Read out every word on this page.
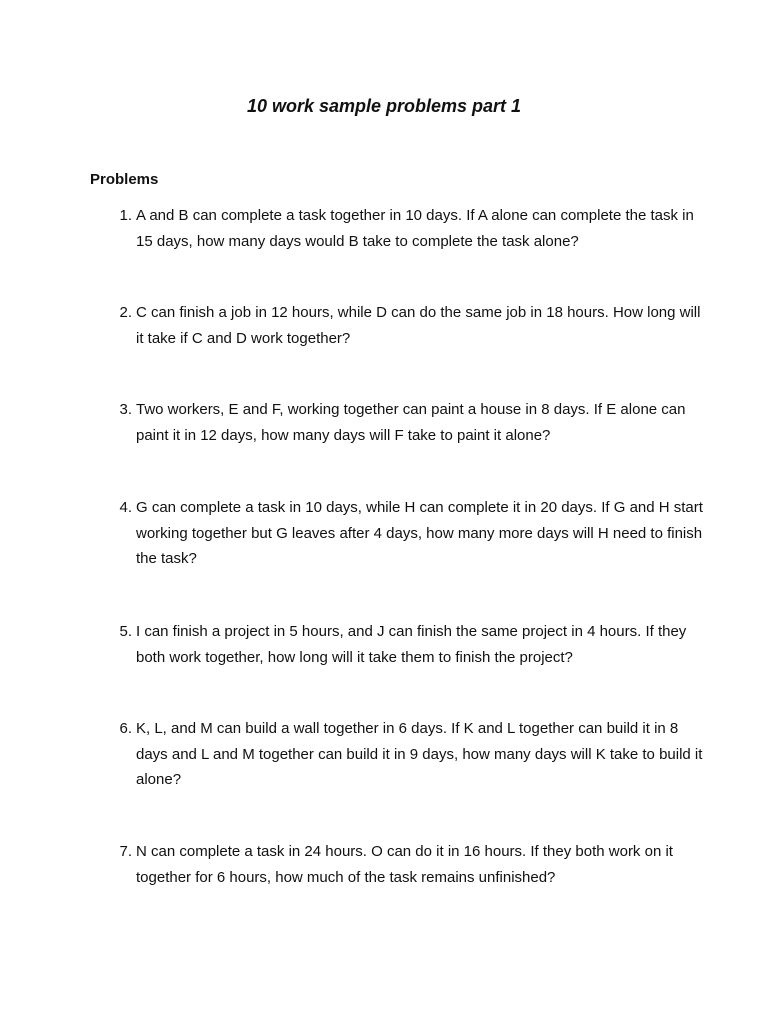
10 work sample problems part 1
Problems
1. A and B can complete a task together in 10 days. If A alone can complete the task in 15 days, how many days would B take to complete the task alone?
2. C can finish a job in 12 hours, while D can do the same job in 18 hours. How long will it take if C and D work together?
3. Two workers, E and F, working together can paint a house in 8 days. If E alone can paint it in 12 days, how many days will F take to paint it alone?
4. G can complete a task in 10 days, while H can complete it in 20 days. If G and H start working together but G leaves after 4 days, how many more days will H need to finish the task?
5. I can finish a project in 5 hours, and J can finish the same project in 4 hours. If they both work together, how long will it take them to finish the project?
6. K, L, and M can build a wall together in 6 days. If K and L together can build it in 8 days and L and M together can build it in 9 days, how many days will K take to build it alone?
7. N can complete a task in 24 hours. O can do it in 16 hours. If they both work on it together for 6 hours, how much of the task remains unfinished?
